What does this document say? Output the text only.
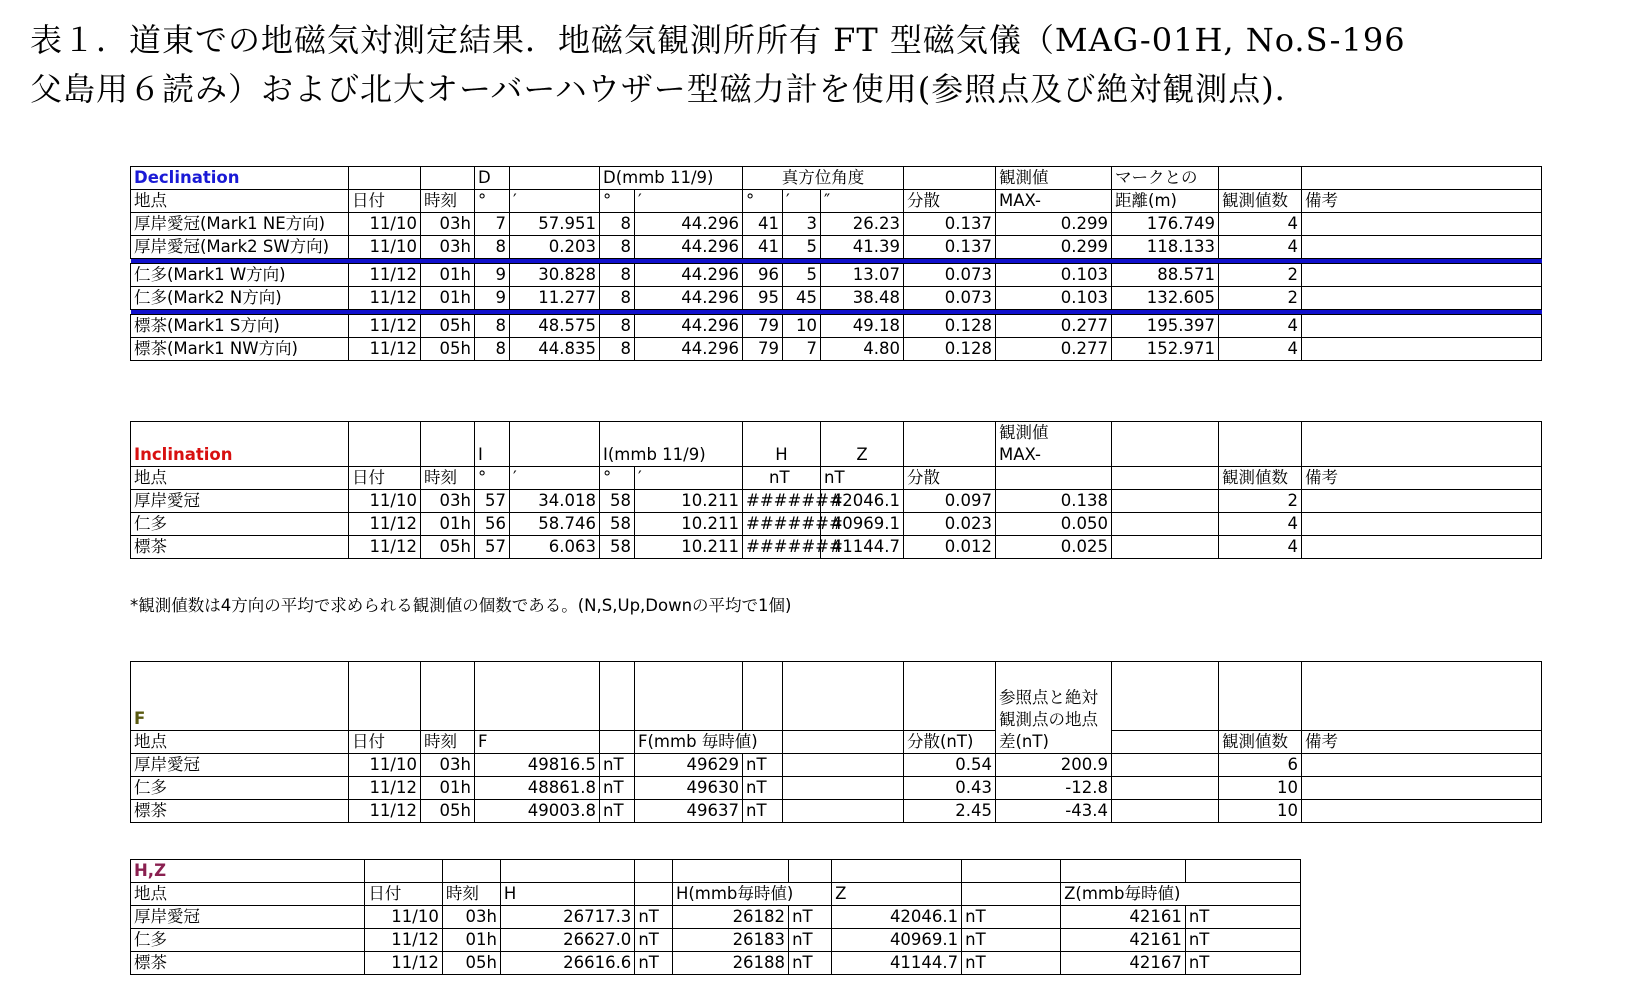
表１．道東での地磁気対測定結果．地磁気観測所所有 FT 型磁気儀（MAG-01H, No.S-196
父島用６読み）および北大オーバーハウザー型磁力計を使用(参照点及び絶対観測点)．
Declination			D		D(mmb 11/9)		真方位角度				観測値	マークとの		
地点	日付	時刻	°	′	°	′	°	′	″	分散	MAX-	距離(m)	観測値数	備考
厚岸愛冠(Mark1 NE方向)	11/10	03h	7	57.951	8	44.296	41	3	26.23	0.137	0.299	176.749	4	
厚岸愛冠(Mark2 SW方向)	11/10	03h	8	0.203	8	44.296	41	5	41.39	0.137	0.299	118.133	4	

仁多(Mark1 W方向)	11/12	01h	9	30.828	8	44.296	96	5	13.07	0.073	0.103	88.571	2	
仁多(Mark2 N方向)	11/12	01h	9	11.277	8	44.296	95	45	38.48	0.073	0.103	132.605	2	

標茶(Mark1 S方向)	11/12	05h	8	48.575	8	44.296	79	10	49.18	0.128	0.277	195.397	4	
標茶(Mark1 NW方向)	11/12	05h	8	44.835	8	44.296	79	7	4.80	0.128	0.277	152.971	4	
Inclination			I		I(mmb 11/9)		H	Z		観測値
MAX-			

地点	日付	時刻	°	′	°	′	nT	nT	分散			観測値数	備考
厚岸愛冠	11/10	03h	57	34.018	58	10.211	#######	42046.1	0.097	0.138		2	
仁多	11/12	01h	56	58.746	58	10.211	#######	40969.1	0.023	0.050		4	
標茶	11/12	05h	57	6.063	58	10.211	#######	41144.7	0.012	0.025		4	
*観測値数は4方向の平均で求められる観測値の個数である。(N,S,Up,Downの平均で1個)
F									参照点と絶対観測点の地点差(nT)			
地点	日付	時刻	F		F(mmb 毎時値)			分散(nT)			観測値数	備考
厚岸愛冠	11/10	03h	49816.5	nT	49629	nT		0.54	200.9		6	
仁多	11/12	01h	48861.8	nT	49630	nT		0.43	-12.8		10	
標茶	11/12	05h	49003.8	nT	49637	nT		2.45	-43.4		10	
H,Z										
地点	日付	時刻	H		H(mmb毎時値)		Z		Z(mmb毎時値)	
厚岸愛冠	11/10	03h	26717.3	nT	26182	nT	42046.1	nT	42161	nT
仁多	11/12	01h	26627.0	nT	26183	nT	40969.1	nT	42161	nT
標茶	11/12	05h	26616.6	nT	26188	nT	41144.7	nT	42167	nT
